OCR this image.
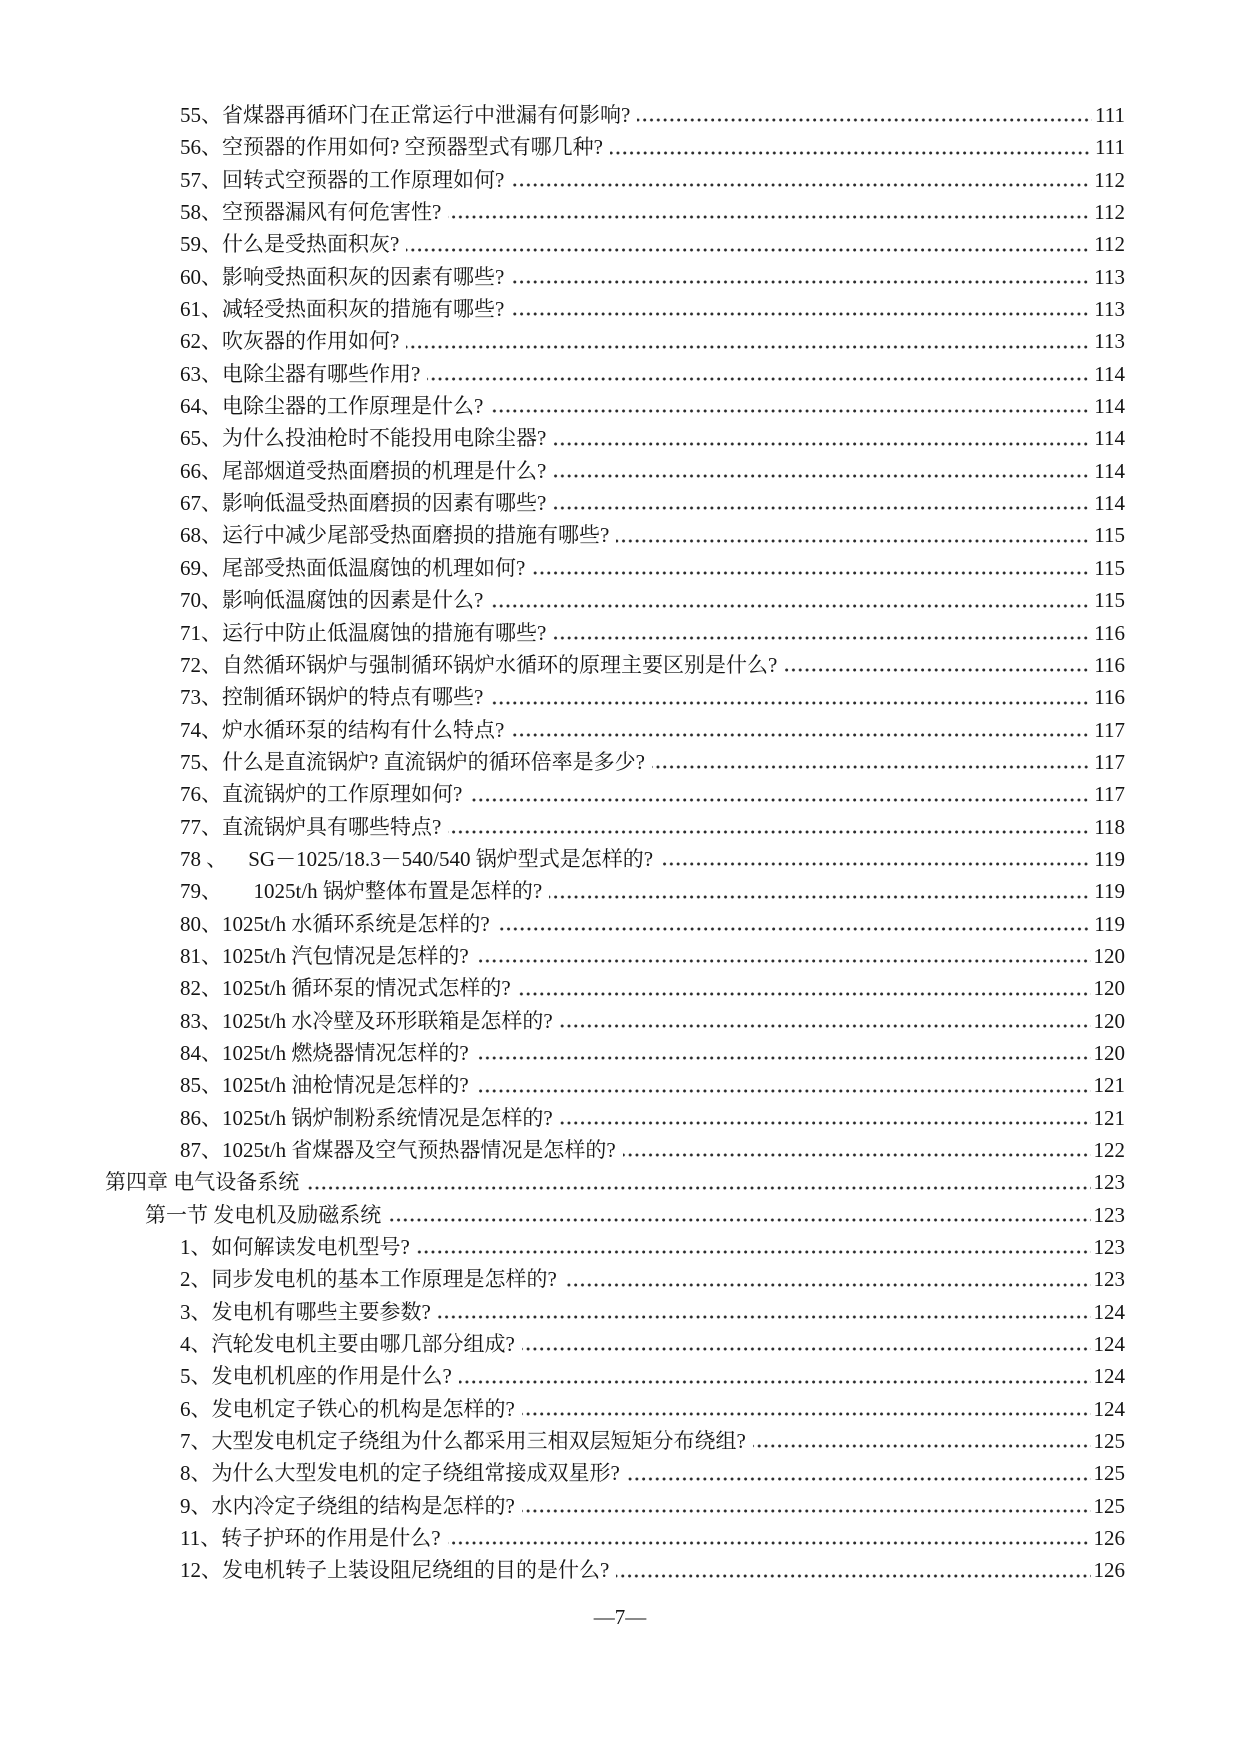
55、省煤器再循环门在正常运行中泄漏有何影响?	111
56、空预器的作用如何? 空预器型式有哪几种?	111
57、回转式空预器的工作原理如何?	112
58、空预器漏风有何危害性?	112
59、什么是受热面积灰?	112
60、影响受热面积灰的因素有哪些?	113
61、减轻受热面积灰的措施有哪些?	113
62、吹灰器的作用如何?	113
63、电除尘器有哪些作用?	114
64、电除尘器的工作原理是什么?	114
65、为什么投油枪时不能投用电除尘器?	114
66、尾部烟道受热面磨损的机理是什么?	114
67、影响低温受热面磨损的因素有哪些?	114
68、运行中减少尾部受热面磨损的措施有哪些?	115
69、尾部受热面低温腐蚀的机理如何?	115
70、影响低温腐蚀的因素是什么?	115
71、运行中防止低温腐蚀的措施有哪些?	116
72、自然循环锅炉与强制循环锅炉水循环的原理主要区别是什么?	116
73、控制循环锅炉的特点有哪些?	116
74、炉水循环泵的结构有什么特点?	117
75、什么是直流锅炉? 直流锅炉的循环倍率是多少?	117
76、直流锅炉的工作原理如何?	117
77、直流锅炉具有哪些特点?	118
78 、    SG－1025/18.3－540/540 锅炉型式是怎样的?	119
79、      1025t/h 锅炉整体布置是怎样的?	119
80、1025t/h 水循环系统是怎样的?	119
81、1025t/h 汽包情况是怎样的?	120
82、1025t/h 循环泵的情况式怎样的?	120
83、1025t/h 水冷壁及环形联箱是怎样的?	120
84、1025t/h 燃烧器情况怎样的?	120
85、1025t/h 油枪情况是怎样的?	121
86、1025t/h 锅炉制粉系统情况是怎样的?	121
87、1025t/h 省煤器及空气预热器情况是怎样的?	122
第四章 电气设备系统	123
第一节 发电机及励磁系统	123
1、如何解读发电机型号?	123
2、同步发电机的基本工作原理是怎样的?	123
3、发电机有哪些主要参数?	124
4、汽轮发电机主要由哪几部分组成?	124
5、发电机机座的作用是什么?	124
6、发电机定子铁心的机构是怎样的?	124
7、大型发电机定子绕组为什么都采用三相双层短矩分布绕组?	125
8、为什么大型发电机的定子绕组常接成双星形?	125
9、水内冷定子绕组的结构是怎样的?	125
11、转子护环的作用是什么?	126
12、发电机转子上装设阻尼绕组的目的是什么?	126
—7—
